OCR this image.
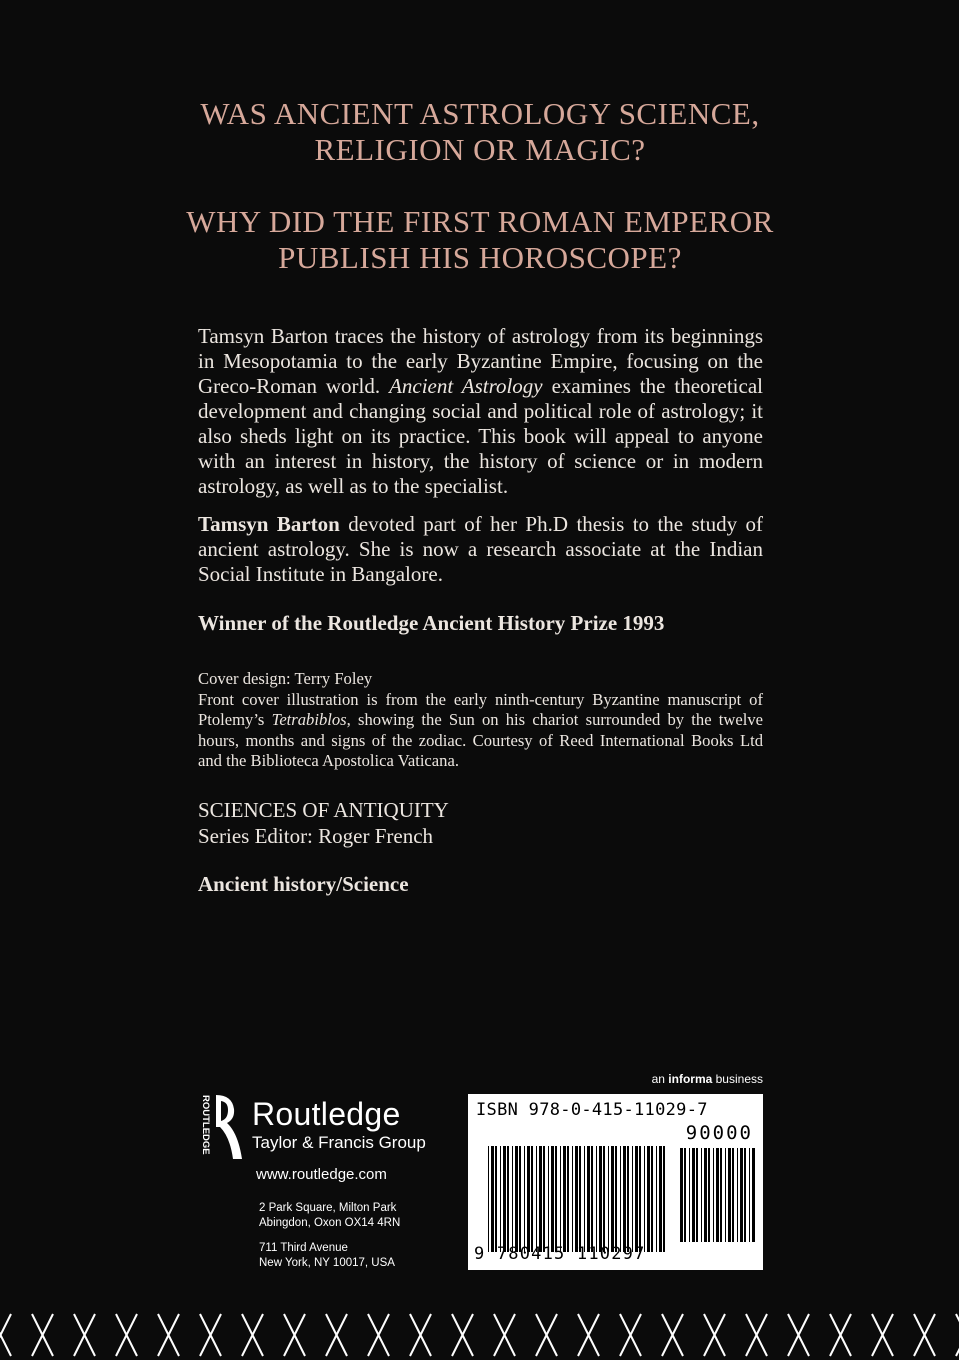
WAS ANCIENT ASTROLOGY SCIENCE,
RELIGION OR MAGIC?
WHY DID THE FIRST ROMAN EMPEROR
PUBLISH HIS HOROSCOPE?

Tamsyn Barton traces the history of astrology from its beginnings in Mesopotamia to the early Byzantine Empire, focusing on the Greco-Roman world. Ancient Astrology examines the theoretical development and changing social and political role of astrology; it also sheds light on its practice. This book will appeal to anyone with an interest in history, the history of science or in modern astrology, as well as to the specialist.

Tamsyn Barton devoted part of her Ph.D thesis to the study of ancient astrology. She is now a research associate at the Indian Social Institute in Bangalore.

Winner of the Routledge Ancient History Prize 1993

Cover design: Terry Foley
Front cover illustration is from the early ninth-century Byzantine manuscript of Ptolemy’s Tetrabiblos, showing the Sun on his chariot surrounded by the twelve hours, months and signs of the zodiac. Courtesy of Reed International Books Ltd and the Biblioteca Apostolica Vaticana.

SCIENCES OF ANTIQUITY
Series Editor: Roger French
Ancient history/Science
ROUTLEDGE Routledge
Taylor & Francis Group
www.routledge.com
2 Park Square, Milton Park
Abingdon, Oxon OX14 4RN
711 Third Avenue
New York, NY 10017, USA
an informa business
ISBN 978-0-415-11029-7
90000
9 780415 110297
